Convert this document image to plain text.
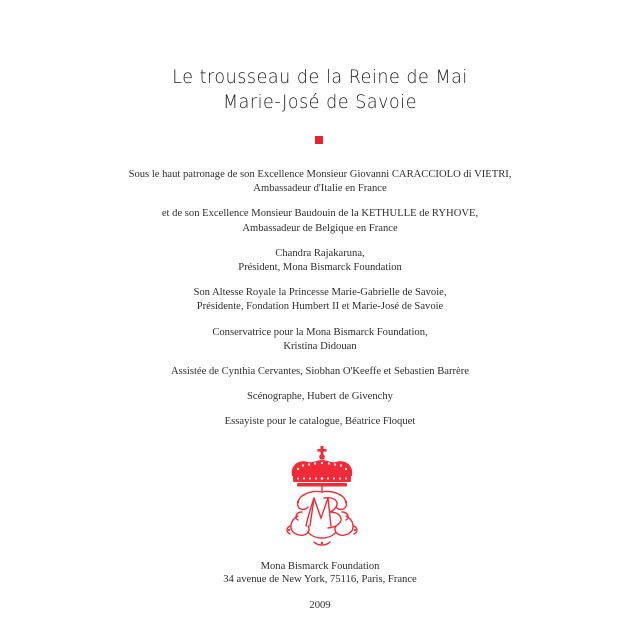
Le trousseau de la Reine de Mai
Marie-José de Savoie
Sous le haut patronage de son Excellence Monsieur Giovanni CARACCIOLO di VIETRI,
Ambassadeur d'Italie en France
et de son Excellence Monsieur Baudouin de la KETHULLE de RYHOVE,
Ambassadeur de Belgique en France
Chandra Rajakaruna,
Président, Mona Bismarck Foundation
Son Altesse Royale la Princesse Marie-Gabrielle de Savoie,
Présidente, Fondation Humbert II et Marie-José de Savoie
Conservatrice pour la Mona Bismarck Foundation,
Kristina Didouan
Assistée de Cynthia Cervantes, Siobhan O'Keeffe et Sebastien Barrère
Scénographe, Hubert de Givenchy
Essayiste pour le catalogue, Béatrice Floquet
Mona Bismarck Foundation
34 avenue de New York, 75116, Paris, France
2009
